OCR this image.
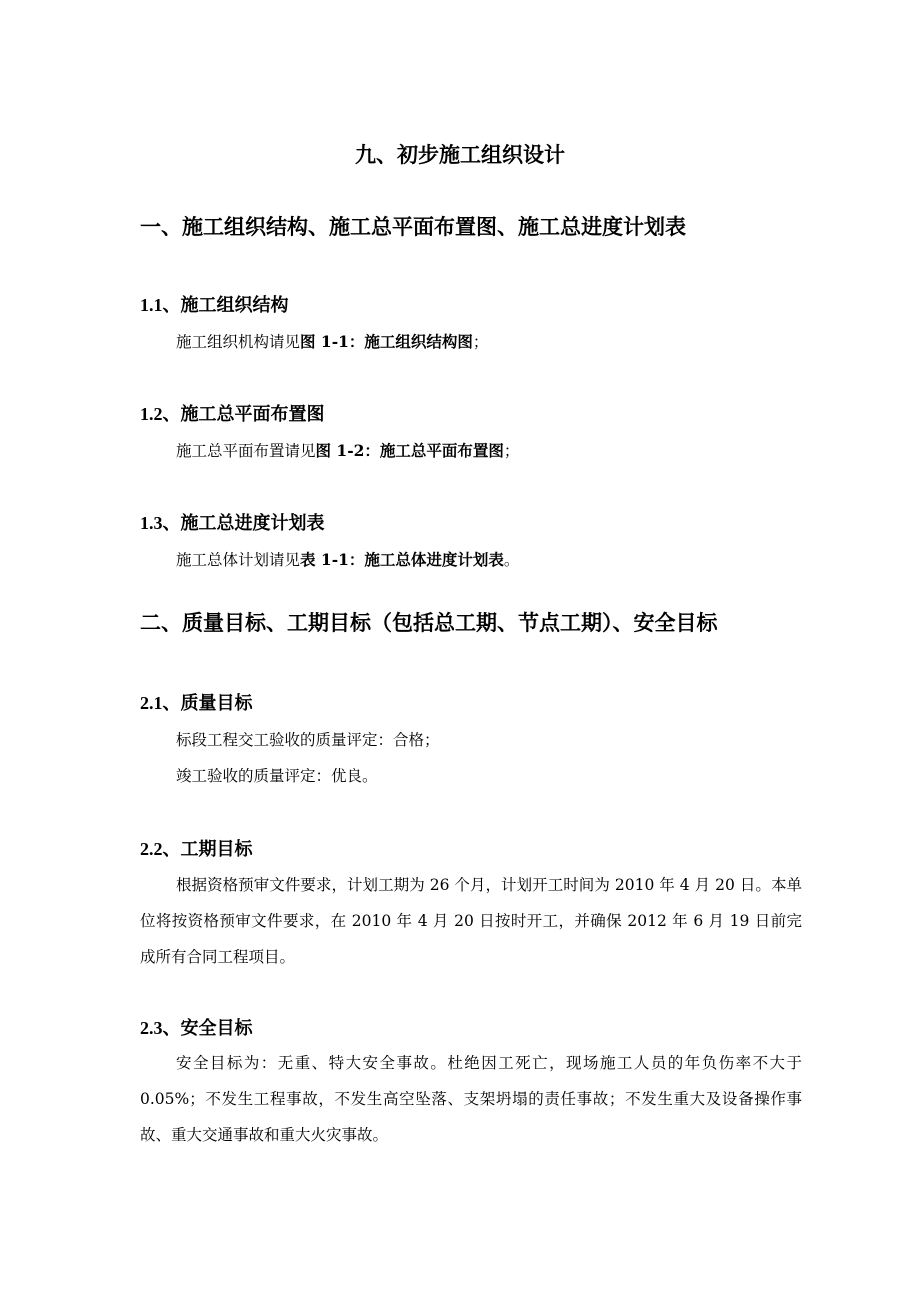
九、初步施工组织设计
一、施工组织结构、施工总平面布置图、施工总进度计划表
1.1、施工组织结构
施工组织机构请见图 1-1：施工组织结构图；
1.2、施工总平面布置图
施工总平面布置请见图 1-2：施工总平面布置图；
1.3、施工总进度计划表
施工总体计划请见表 1-1：施工总体进度计划表。
二、质量目标、工期目标（包括总工期、节点工期）、安全目标
2.1、质量目标
标段工程交工验收的质量评定：合格；
竣工验收的质量评定：优良。
2.2、工期目标
根据资格预审文件要求，计划工期为 26 个月，计划开工时间为 2010 年 4 月 20 日。本单位将按资格预审文件要求，在 2010 年 4 月 20 日按时开工，并确保 2012 年 6 月 19 日前完成所有合同工程项目。
2.3、安全目标
安全目标为：无重、特大安全事故。杜绝因工死亡，现场施工人员的年负伤率不大于 0.05%；不发生工程事故，不发生高空坠落、支架坍塌的责任事故；不发生重大及设备操作事故、重大交通事故和重大火灾事故。
